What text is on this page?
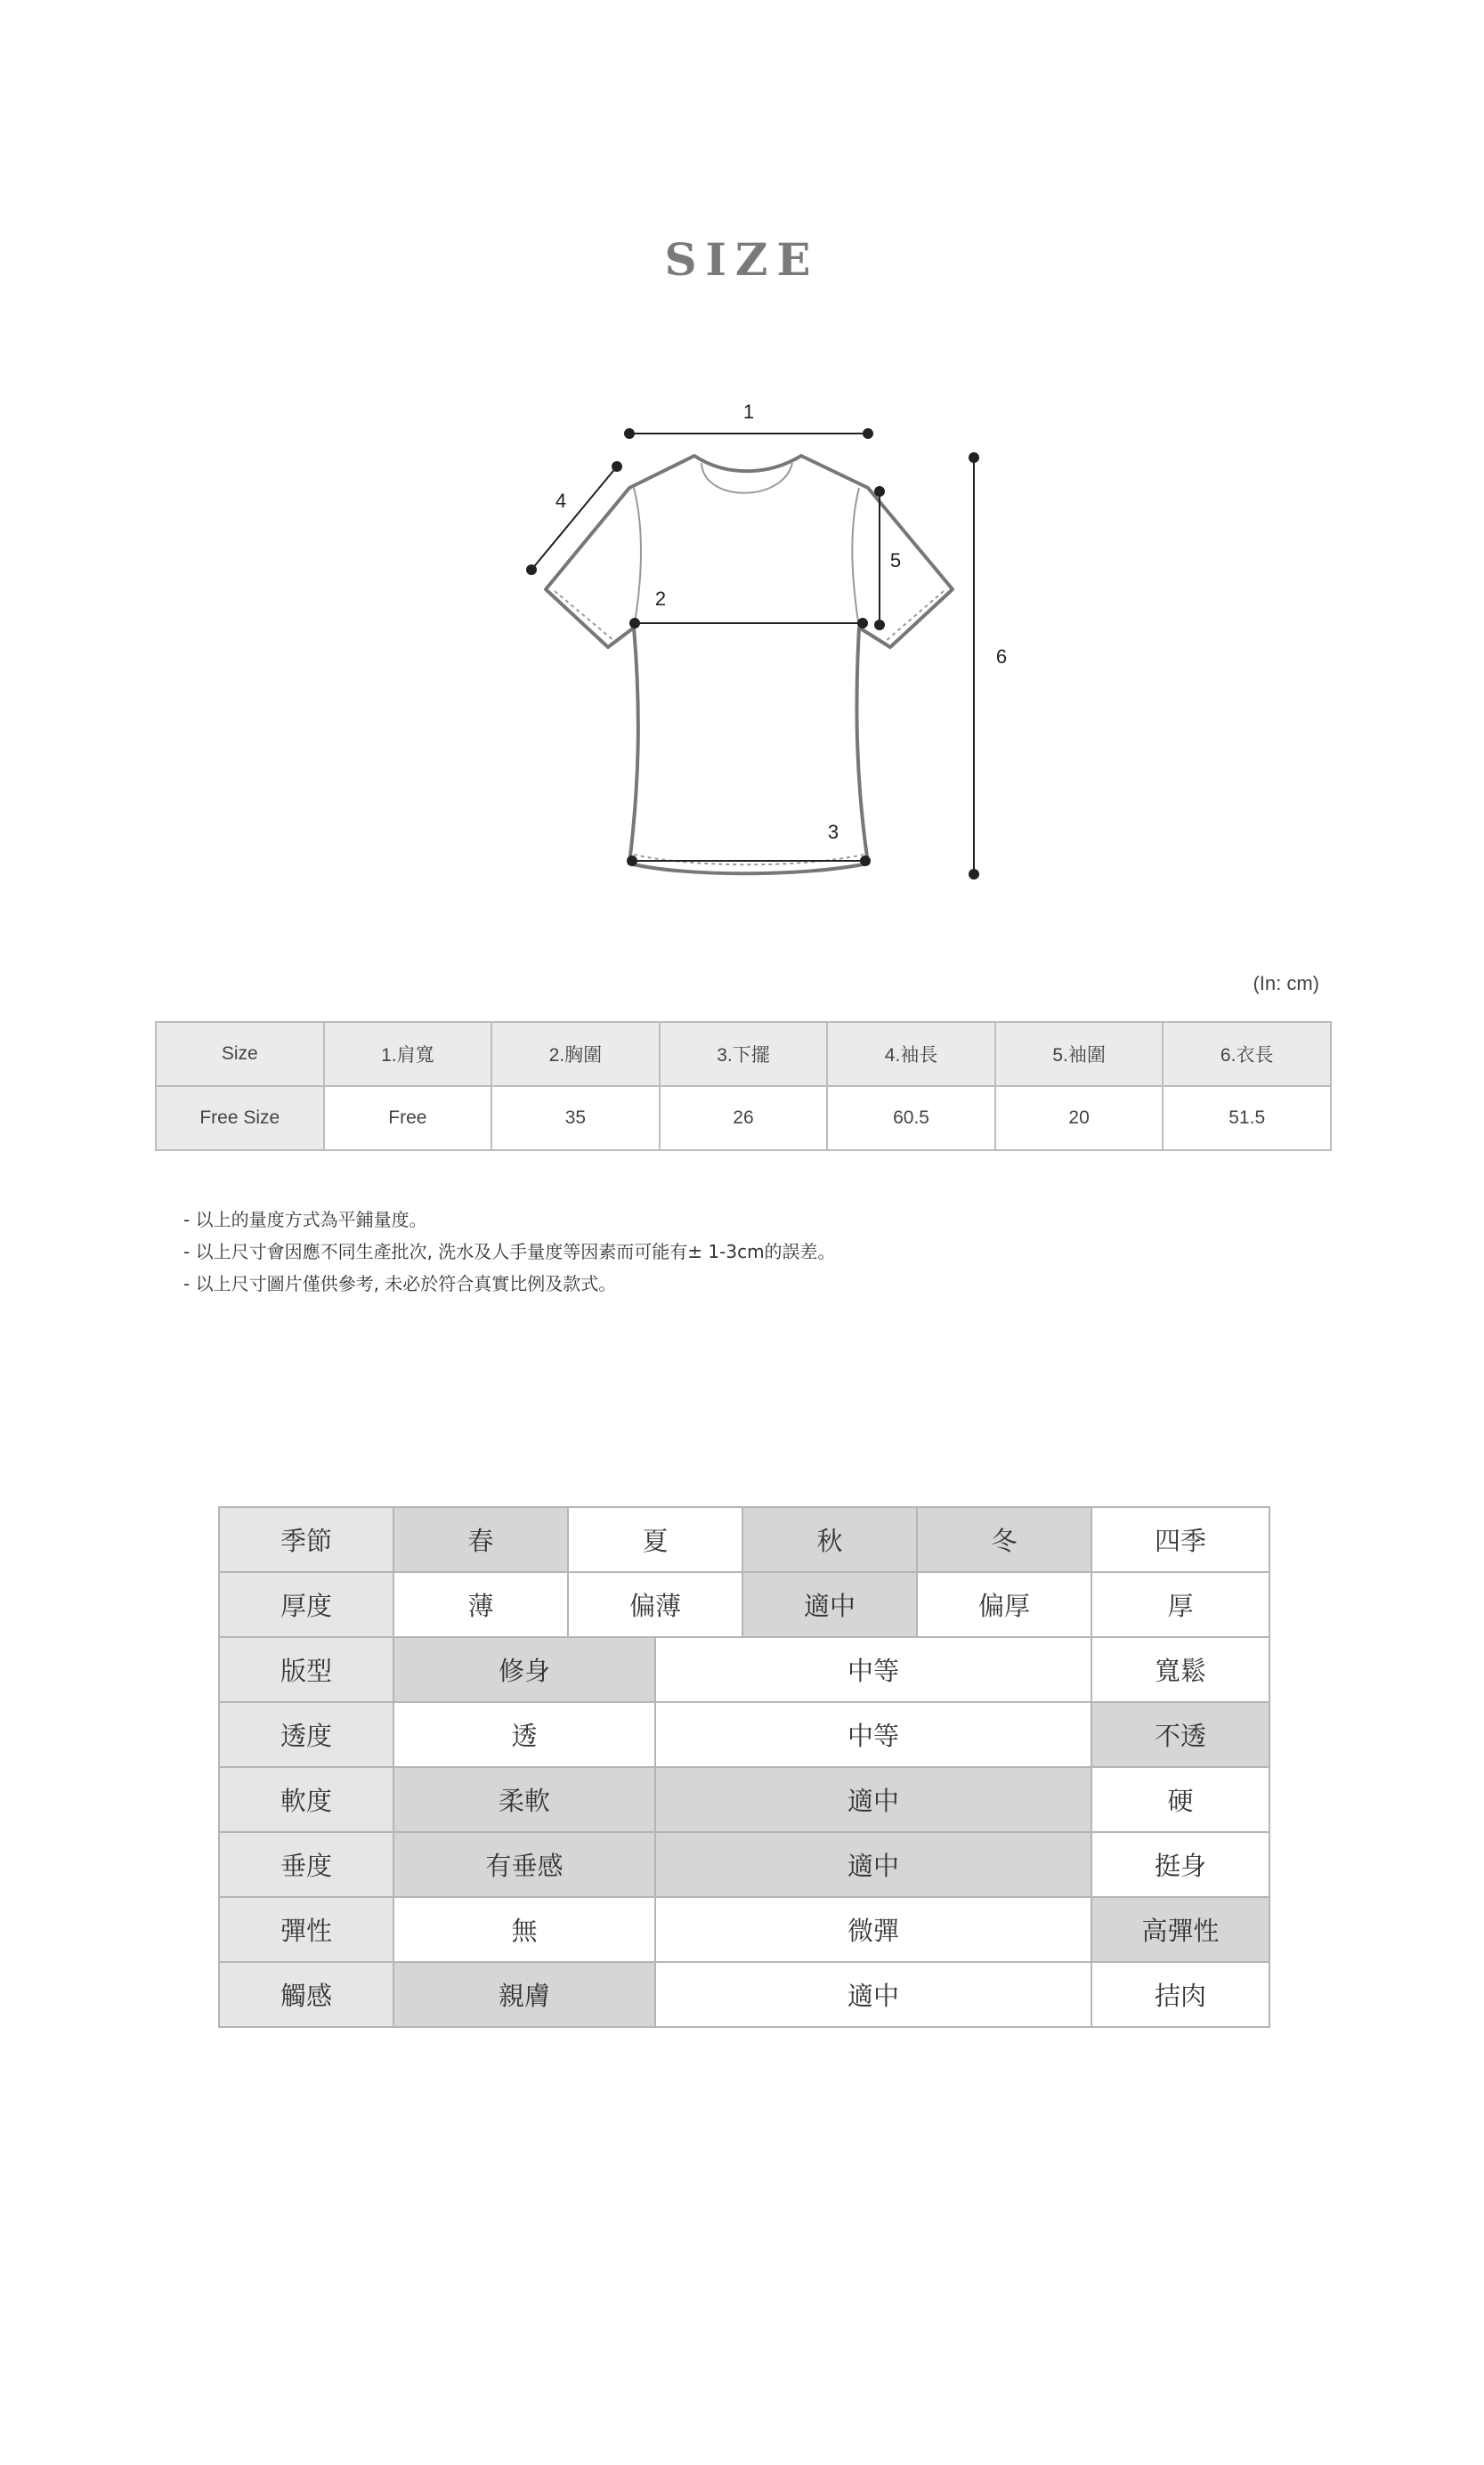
SIZE
1
2
3
4
5
6
(In: cm)
Size	1.肩寬	2.胸圍	3.下擺	4.袖長	5.袖圍	6.衣長
Free Size	Free	35	26	60.5	20	51.5
- 以上的量度方式為平鋪量度。
- 以上尺寸會因應不同生產批次, 洗水及人手量度等因素而可能有± 1-3cm的誤差。
- 以上尺寸圖片僅供參考, 未必於符合真實比例及款式。
季節	春	夏		秋	冬	四季
厚度	薄	偏薄		適中	偏厚	厚
版型	修身		中等			寬鬆
透度	透		中等			不透
軟度	柔軟		適中			硬
垂度	有垂感		適中			挺身
彈性	無		微彈			高彈性
觸感	親膚		適中			拮肉
